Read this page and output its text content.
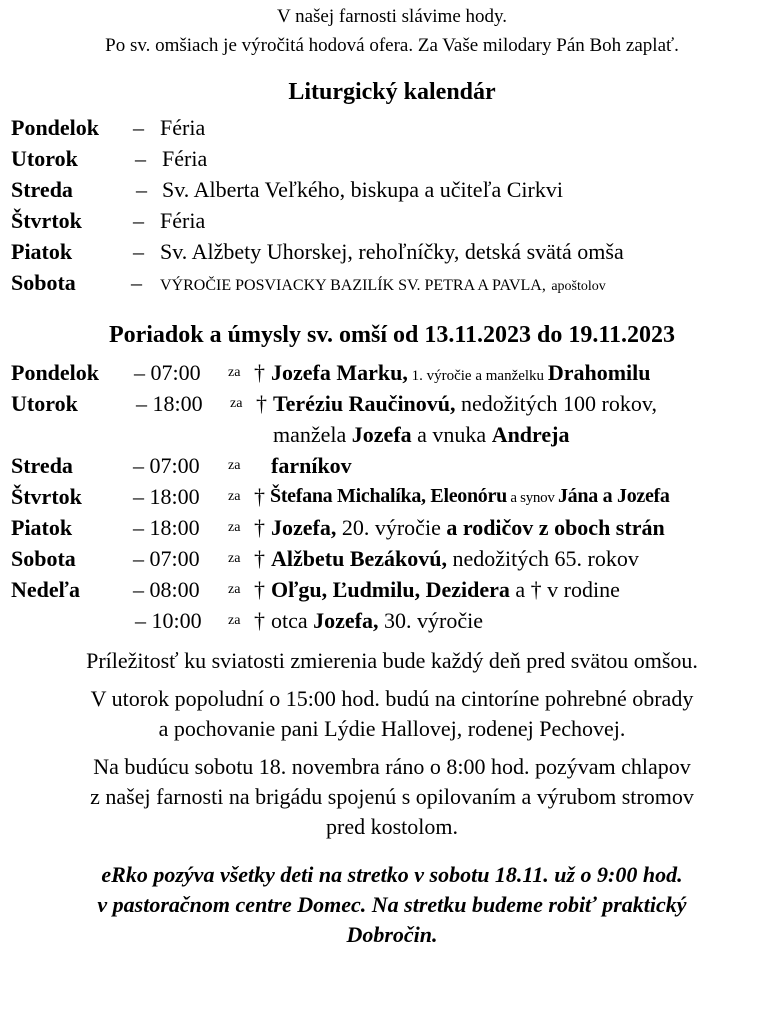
V našej farnosti slávime hody.
Po sv. omšiach je výročitá hodová ofera. Za Vaše milodary Pán Boh zaplať.
Liturgický kalendár
Pondelok – Féria
Utorok	– Féria
Streda	– Sv. Alberta Veľkého, biskupa a učiteľa Cirkvi
Štvrtok – Féria
Piatok	– Sv. Alžbety Uhorskej, rehoľníčky, detská svätá omša
Sobota	– VÝROČIE POSVIACKY BAZILÍK SV. PETRA A PAVLA, apoštolov
Poriadok a úmysly sv. omší od 13.11.2023 do 19.11.2023
Pondelok – 07:00 za † Jozefa Marku, 1. výročie a manželku Drahomilu
Utorok	– 18:00 za † Teréziu Raučinovú, nedožitých 100 rokov,
manžela Jozefa a vnuka Andreja
Streda	– 07:00 za farníkov
Štvrtok – 18:00 za † Štefana Michalíka, Eleonóru a synov Jána a Jozefa
Piatok	– 18:00 za † Jozefa, 20. výročie a rodičov z oboch strán
Sobota	– 07:00 za † Alžbetu Bezákovú, nedožitých 65. rokov
Nedeľa – 08:00 za † Oľgu, Ľudmilu, Dezidera a † v rodine
– 10:00 za † otca Jozefa, 30. výročie
Príležitosť ku sviatosti zmierenia bude každý deň pred svätou omšou.
V utorok popoludní o 15:00 hod. budú na cintoríne pohrebné obrady
a pochovanie pani Lýdie Hallovej, rodenej Pechovej.
Na budúcu sobotu 18. novembra ráno o 8:00 hod. pozývam chlapov
z našej farnosti na brigádu spojenú s opilovaním a výrubom stromov
pred kostolom.
eRko pozýva všetky deti na stretko v sobotu 18.11. už o 9:00 hod.
v pastoračnom centre Domec. Na stretku budeme robiť praktický
Dobročin.
